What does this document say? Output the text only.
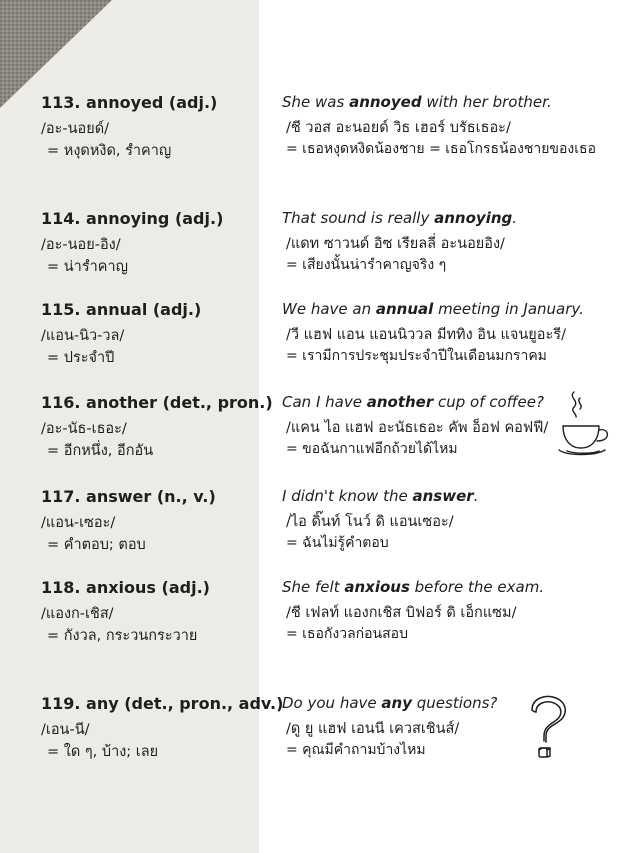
113. annoyed (adj.)
/อะ-นอยด์/
= หงุดหงิด, รำคาญ
She was annoyed with her brother.
/ชี วอส อะนอยด์ วิธ เฮอร์ บรัธเธอะ/
= เธอหงุดหงิดน้องชาย = เธอโกรธน้องชายของเธอ
114. annoying (adj.)
/อะ-นอย-อิง/
= น่ารำคาญ
That sound is really annoying.
/แดท ซาวนด์ อิซ เรียลลี่ อะนอยอิง/
= เสียงนั้นน่ารำคาญจริง ๆ
115. annual (adj.)
/แอน-นิว-วล/
= ประจำปี
We have an annual meeting in January.
/วี แฮฟ แอน แอนนิววล มีททิง อิน แจนยูอะรี/
= เรามีการประชุมประจำปีในเดือนมกราคม
116. another (det., pron.)
/อะ-นัธ-เธอะ/
= อีกหนึ่ง, อีกอัน
Can I have another cup of coffee?
/แคน ไอ แฮฟ อะนัธเธอะ คัพ อ็อฟ คอฟฟี/
= ขอฉันกาแฟอีกถ้วยได้ไหม
117. answer (n., v.)
/แอน-เซอะ/
= คำตอบ; ตอบ
I didn't know the answer.
/ไอ ดิ๊นท์ โนว์ ดิ แอนเซอะ/
= ฉันไม่รู้คำตอบ
118. anxious (adj.)
/แองก-เชิส/
= กังวล, กระวนกระวาย
She felt anxious before the exam.
/ชี เฟลท์ แองกเชิส บิฟอร์ ดิ เอ็กแซม/
= เธอกังวลก่อนสอบ
119. any (det., pron., adv.)
/เอน-นี/
= ใด ๆ, บ้าง; เลย
Do you have any questions?
/ดู ยู แฮฟ เอนนี เควสเชินส์/
= คุณมีคำถามบ้างไหม
